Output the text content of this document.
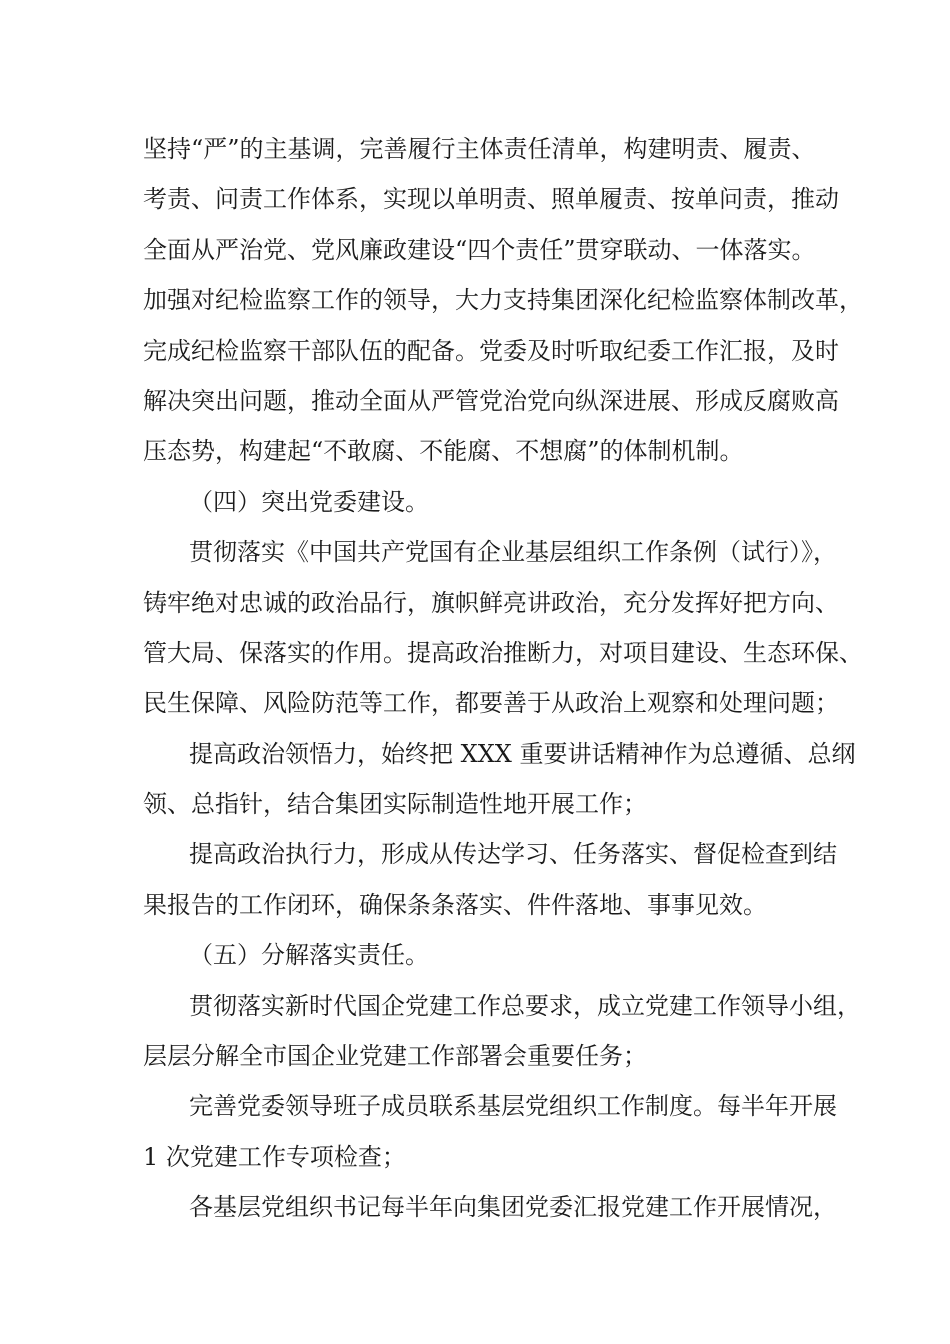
坚持“严”的主基调，完善履行主体责任清单，构建明责、履责、
考责、问责工作体系，实现以单明责、照单履责、按单问责，推动
全面从严治党、党风廉政建设“四个责任”贯穿联动、一体落实。
加强对纪检监察工作的领导，大力支持集团深化纪检监察体制改革，
完成纪检监察干部队伍的配备。党委及时听取纪委工作汇报，及时
解决突出问题，推动全面从严管党治党向纵深进展、形成反腐败高
压态势，构建起“不敢腐、不能腐、不想腐”的体制机制。
（四）突出党委建设。
贯彻落实《中国共产党国有企业基层组织工作条例（试行）》，
铸牢绝对忠诚的政治品行，旗帜鲜亮讲政治，充分发挥好把方向、
管大局、保落实的作用。提高政治推断力，对项目建设、生态环保、
民生保障、风险防范等工作，都要善于从政治上观察和处理问题；
提高政治领悟力，始终把 XXX 重要讲话精神作为总遵循、总纲
领、总指针，结合集团实际制造性地开展工作；
提高政治执行力，形成从传达学习、任务落实、督促检查到结
果报告的工作闭环，确保条条落实、件件落地、事事见效。
（五）分解落实责任。
贯彻落实新时代国企党建工作总要求，成立党建工作领导小组，
层层分解全市国企业党建工作部署会重要任务；
完善党委领导班子成员联系基层党组织工作制度。每半年开展
1 次党建工作专项检查；
各基层党组织书记每半年向集团党委汇报党建工作开展情况，
